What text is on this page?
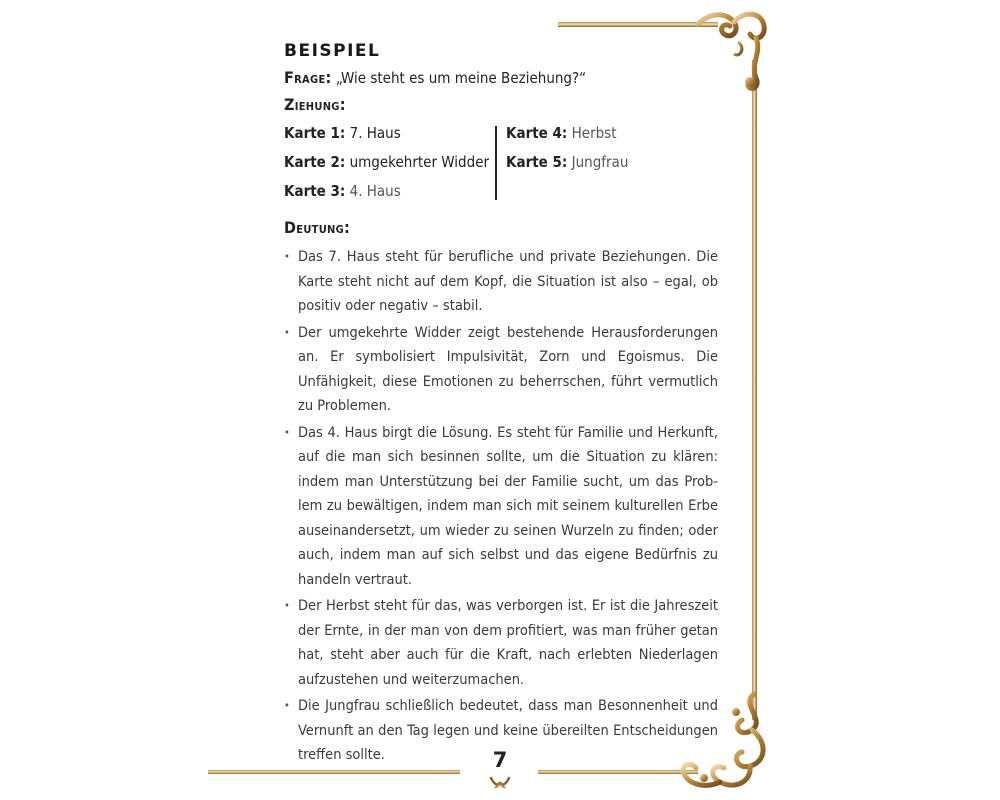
BEISPIEL
Frage: „Wie steht es um meine Beziehung?“
Ziehung:
Karte 1: 7. Haus
Karte 2: umgekehrter Widder
Karte 3: 4. Haus
Karte 4: Herbst
Karte 5: Jungfrau
Deutung:
• Das 7. Haus steht für berufliche und private Beziehungen. Die Karte steht nicht auf dem Kopf, die Situation ist also – egal, ob positiv oder negativ – stabil.
• Der umgekehrte Widder zeigt bestehende Herausforderungen an. Er symbolisiert Impulsivität, Zorn und Egoismus. Die Unfähigkeit, diese Emotionen zu beherrschen, führt vermutlich zu Problemen.
• Das 4. Haus birgt die Lösung. Es steht für Familie und Herkunft, auf die man sich besinnen sollte, um die Situation zu klären: indem man Unterstützung bei der Familie sucht, um das Prob-lem zu bewältigen, indem man sich mit seinem kulturellen Erbe auseinandersetzt, um wieder zu seinen Wurzeln zu finden; oder auch, indem man auf sich selbst und das eigene Bedürfnis zu handeln vertraut.
• Der Herbst steht für das, was verborgen ist. Er ist die Jahreszeit der Ernte, in der man von dem profitiert, was man früher getan hat, steht aber auch für die Kraft, nach erlebten Niederlagen aufzustehen und weiterzumachen.
• Die Jungfrau schließlich bedeutet, dass man Besonnenheit und Vernunft an den Tag legen und keine übereilten Entscheidungen treffen sollte.	7
